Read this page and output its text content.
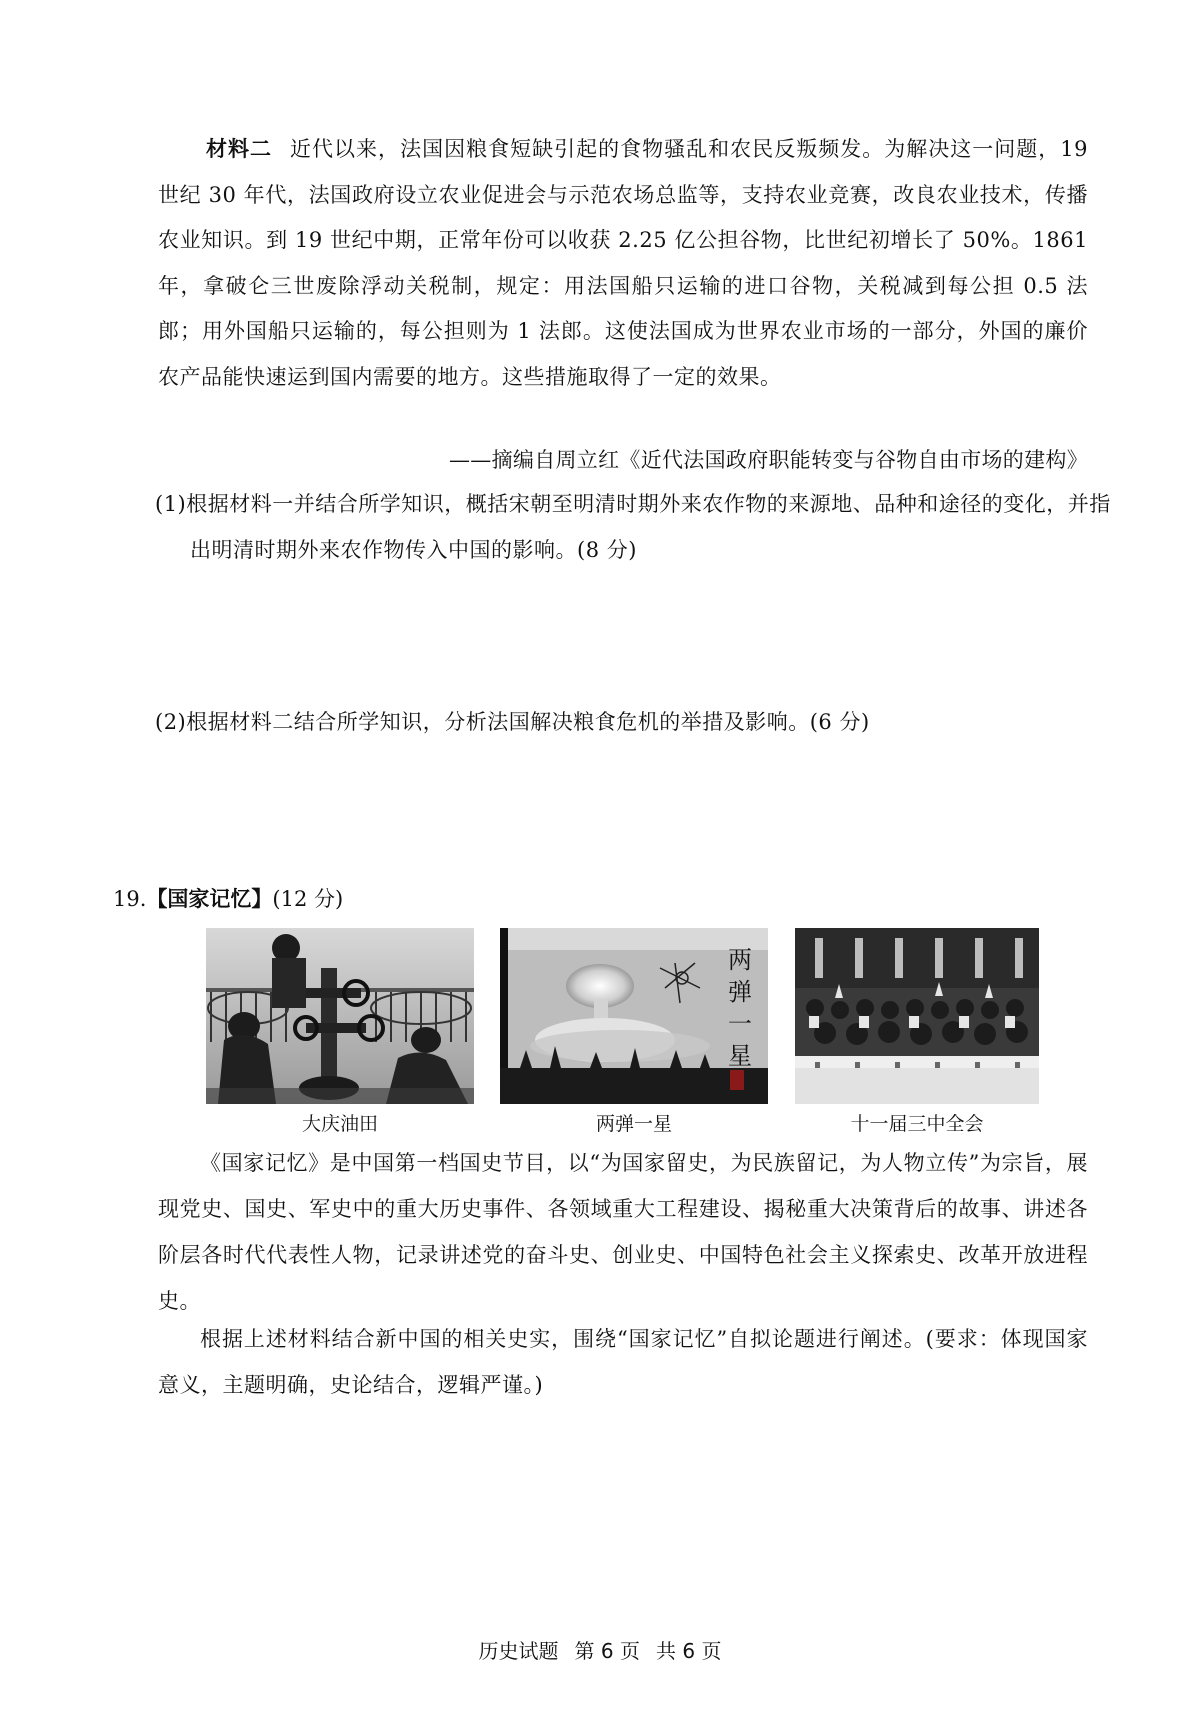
材料二 近代以来，法国因粮食短缺引起的食物骚乱和农民反叛频发。为解决这一问题，19 世纪 30 年代，法国政府设立农业促进会与示范农场总监等，支持农业竞赛，改良农业技术，传播农业知识。到 19 世纪中期，正常年份可以收获 2.25 亿公担谷物，比世纪初增长了 50%。1861 年，拿破仑三世废除浮动关税制，规定：用法国船只运输的进口谷物，关税减到每公担 0.5 法郎；用外国船只运输的，每公担则为 1 法郎。这使法国成为世界农业市场的一部分，外国的廉价农产品能快速运到国内需要的地方。这些措施取得了一定的效果。

——摘编自周立红《近代法国政府职能转变与谷物自由市场的建构》

(1)根据材料一并结合所学知识，概括宋朝至明清时期外来农作物的来源地、品种和途径的变化，并指出明清时期外来农作物传入中国的影响。(8 分)

(2)根据材料二结合所学知识，分析法国解决粮食危机的举措及影响。(6 分)

19.【国家记忆】(12 分)
大庆油田
两
弹
一
星
两弹一星	十一届三中全会

《国家记忆》是中国第一档国史节目，以“为国家留史，为民族留记，为人物立传”为宗旨，展现党史、国史、军史中的重大历史事件、各领域重大工程建设、揭秘重大决策背后的故事、讲述各阶层各时代代表性人物，记录讲述党的奋斗史、创业史、中国特色社会主义探索史、改革开放进程史。

根据上述材料结合新中国的相关史实，围绕“国家记忆”自拟论题进行阐述。(要求：体现国家意义，主题明确，史论结合，逻辑严谨。)

历史试题 第 6 页 共 6 页
